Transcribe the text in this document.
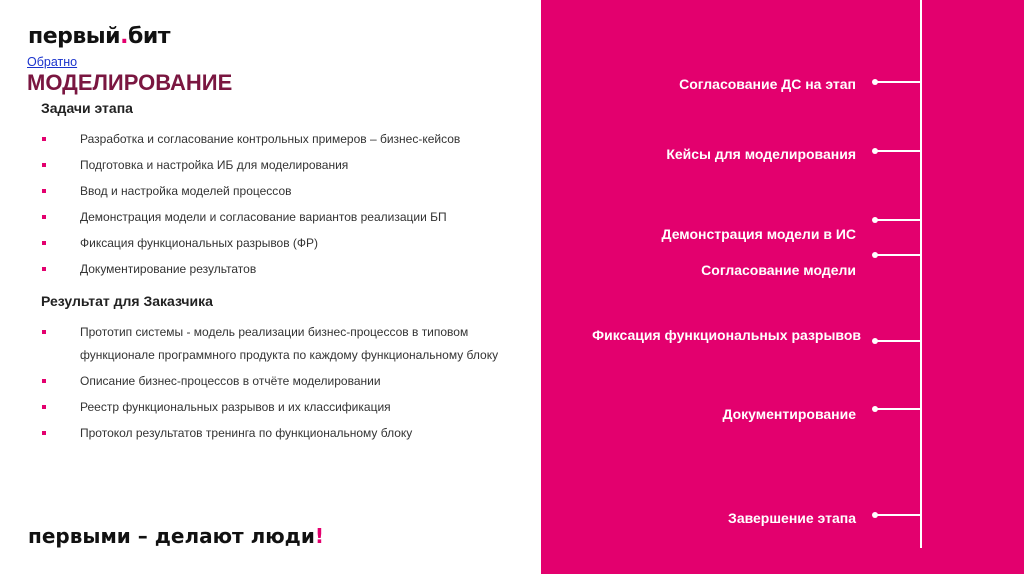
первый.бит
Обратно
МОДЕЛИРОВАНИЕ
Задачи этапа
Разработка и согласование контрольных примеров – бизнес-кейсов
Подготовка и настройка ИБ для моделирования
Ввод и настройка моделей процессов
Демонстрация модели и согласование вариантов реализации БП
Фиксация функциональных разрывов (ФР)
Документирование результатов
Результат для Заказчика
Прототип системы - модель реализации бизнес-процессов в типовом функционале программного продукта по каждому функциональному блоку
Описание бизнес-процессов в отчёте моделировании
Реестр функциональных разрывов и их классификация
Протокол результатов тренинга по функциональному блоку
первыми – делают люди!
Согласование ДС на этап
Кейсы для моделирования
Демонстрация модели в ИС
Согласование модели
Фиксация функциональных разрывов
Документирование
Завершение этапа
